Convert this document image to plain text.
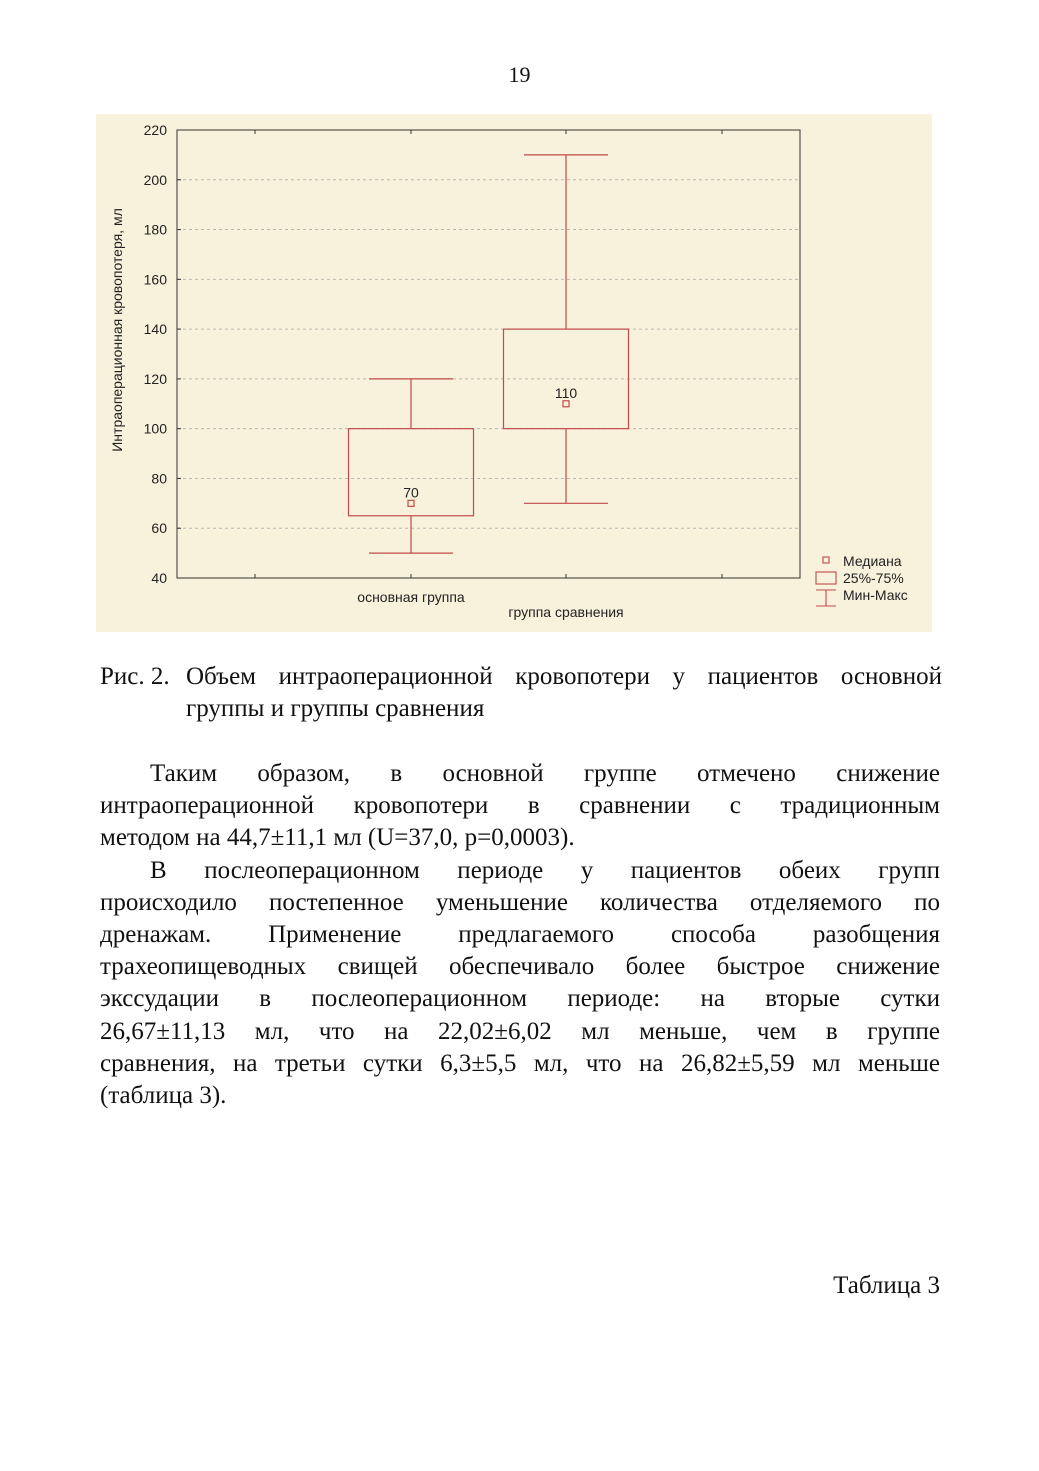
19
40
60
80
100
120
140
160
180
200
220
Интраоперационная кровопотеря, мл
основная группа
группа сравнения
70
110
Медиана
25%-75%
Мин-Макс
Рис. 2. Объем интраоперационной кровопотери у пациентов основной
группы и группы сравнения
Таким образом, в основной группе отмечено снижение
интраоперационной кровопотери в сравнении с традиционным
методом на 44,7±11,1 мл (U=37,0, p=0,0003).
В послеоперационном периоде у пациентов обеих групп
происходило постепенное уменьшение количества отделяемого по
дренажам. Применение предлагаемого способа разобщения
трахеопищеводных свищей обеспечивало более быстрое снижение
экссудации в послеоперационном периоде: на вторые сутки
26,67±11,13 мл, что на 22,02±6,02 мл меньше, чем в группе
сравнения, на третьи сутки 6,3±5,5 мл, что на 26,82±5,59 мл меньше
(таблица 3).
Таблица 3
